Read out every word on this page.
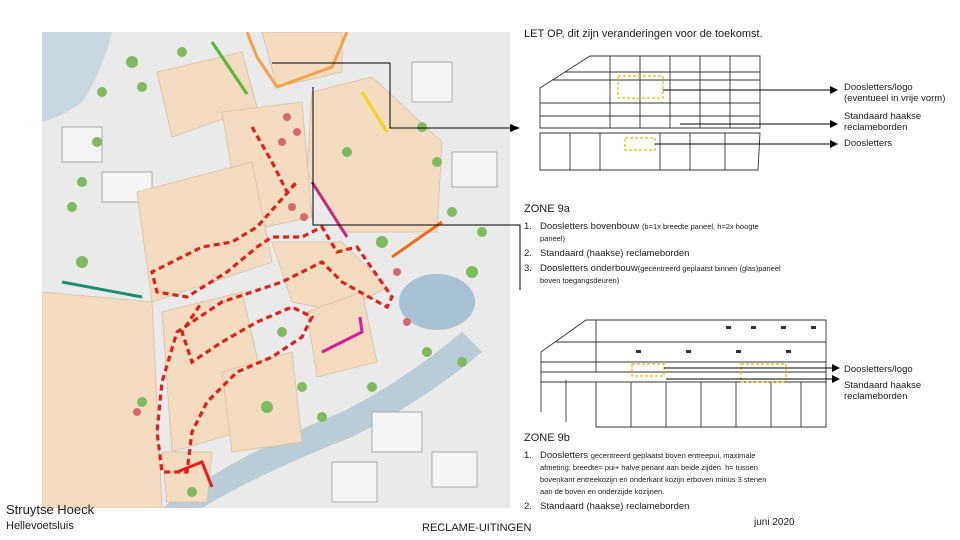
LET OP, dit zijn veranderingen voor de toekomst.
Doosletters/logo
(eventueel in vrije vorm)
Standaard haakse
reclameborden
Doosletters
ZONE 9a
1. Doosletters bovenbouw (b=1x breedte paneel, h=2x hoogte paneel)
2. Standaard (haakse) reclameborden
3. Doosletters onderbouw(gecentreerd geplaatst binnen (glas)paneel boven toegangsdeuren)
Doosletters/logo
Standaard haakse
reclameborden
ZONE 9b
1. Doosletters gecentreerd geplaatst boven entreepui, maximale afmeting: breedte= pui+ halve penant aan beide zijden. h= tussen bovenkant entreekozijn en onderkant kozijn erboven minus 3 stenen aan de boven en onderzijde kozijnen.
2. Standaard (haakse) reclameborden
Struytse Hoeck
Hellevoetsluis	RECLAME-UITINGEN	juni 2020
